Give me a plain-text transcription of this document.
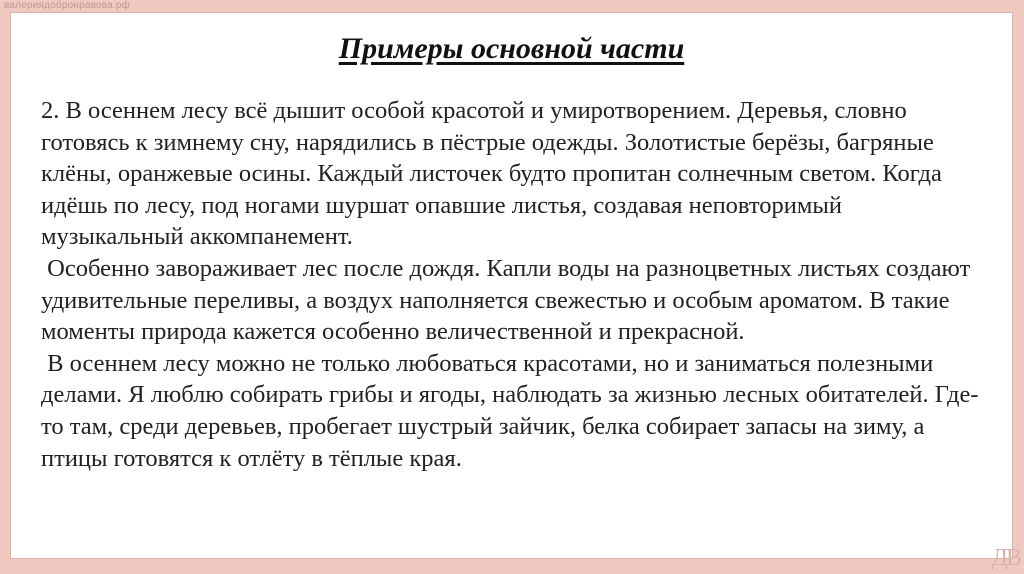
валериядобронравова.рф
Примеры основной части

2. В осеннем лесу всё дышит особой красотой и умиротворением. Деревья, словно готовясь к зимнему сну, нарядились в пёстрые одежды. Золотистые берёзы, багряные клёны, оранжевые осины. Каждый листочек будто пропитан солнечным светом. Когда идёшь по лесу, под ногами шуршат опавшие листья, создавая неповторимый музыкальный аккомпанемент.

Особенно завораживает лес после дождя. Капли воды на разноцветных листьях создают удивительные переливы, а воздух наполняется свежестью и особым ароматом. В такие моменты природа кажется особенно величественной и прекрасной.

В осеннем лесу можно не только любоваться красотами, но и заниматься полезными делами. Я люблю собирать грибы и ягоды, наблюдать за жизнью лесных обитателей. Где-то там, среди деревьев, пробегает шустрый зайчик, белка собирает запасы на зиму, а птицы готовятся к отлёту в тёплые края.

ДВ
